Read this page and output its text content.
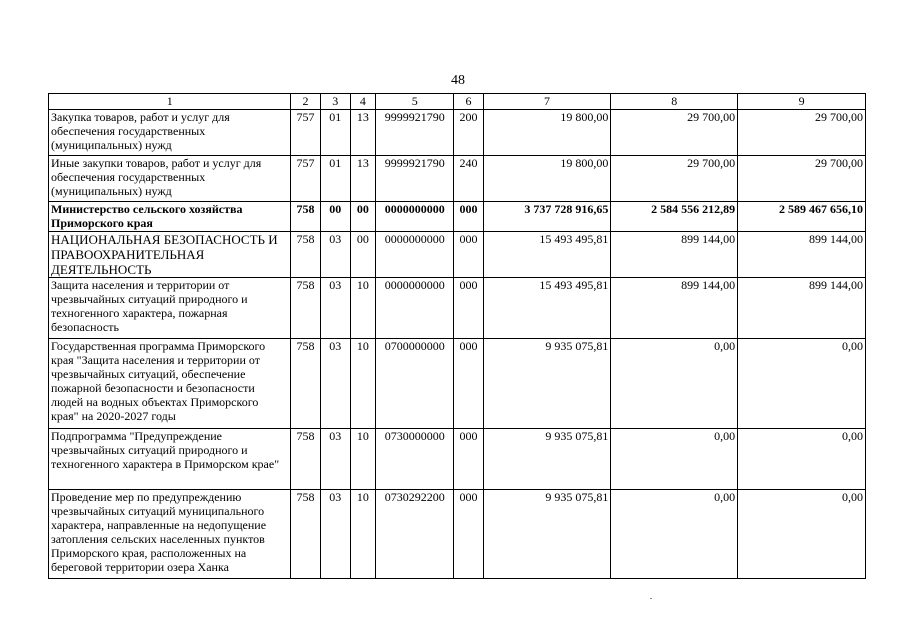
48
1	2	3	4	5	6	7	8	9
Закупка товаров, работ и услуг для обеспечения государственных (муниципальных) нужд	757	01	13	9999921790	200	19 800,00	29 700,00	29 700,00
Иные закупки товаров, работ и услуг для обеспечения государственных (муниципальных) нужд	757	01	13	9999921790	240	19 800,00	29 700,00	29 700,00
Министерство сельского хозяйства Приморского края	758	00	00	0000000000	000	3 737 728 916,65	2 584 556 212,89	2 589 467 656,10
НАЦИОНАЛЬНАЯ БЕЗОПАСНОСТЬ И ПРАВООХРАНИТЕЛЬНАЯ ДЕЯТЕЛЬНОСТЬ	758	03	00	0000000000	000	15 493 495,81	899 144,00	899 144,00
Защита населения и территории от чрезвычайных ситуаций природного и техногенного характера, пожарная безопасность	758	03	10	0000000000	000	15 493 495,81	899 144,00	899 144,00
Государственная программа Приморского края "Защита населения и территории от чрезвычайных ситуаций, обеспечение пожарной безопасности и безопасности людей на водных объектах Приморского края" на 2020-2027 годы	758	03	10	0700000000	000	9 935 075,81	0,00	0,00
Подпрограмма "Предупреждение чрезвычайных ситуаций природного и техногенного характера в Приморском крае"	758	03	10	0730000000	000	9 935 075,81	0,00	0,00
Проведение мер по предупреждению чрезвычайных ситуаций муниципального характера, направленные на недопущение затопления сельских населенных пунктов Приморского края, расположенных на береговой территории озера Ханка	758	03	10	0730292200	000	9 935 075,81	0,00	0,00
